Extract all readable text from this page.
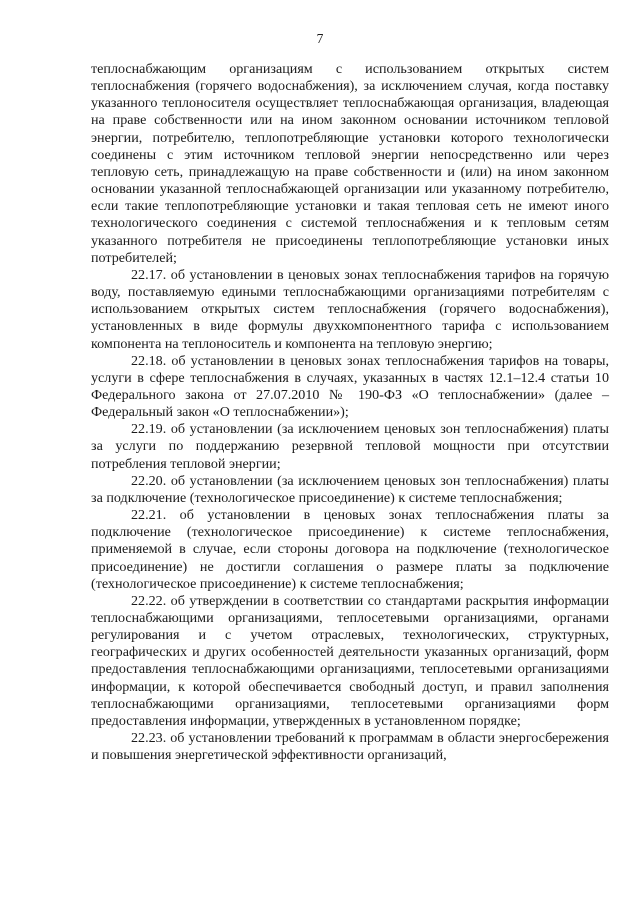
7

теплоснабжающим организациям с использованием открытых систем теплоснабжения (горячего водоснабжения), за исключением случая, когда поставку указанного теплоносителя осуществляет теплоснабжающая организация, владеющая на праве собственности или на ином законном основании источником тепловой энергии, потребителю, теплопотребляющие установки которого технологически соединены с этим источником тепловой энергии непосредственно или через тепловую сеть, принадлежащую на праве собственности и (или) на ином законном основании указанной теплоснабжающей организации или указанному потребителю, если такие теплопотребляющие установки и такая тепловая сеть не имеют иного технологического соединения с системой теплоснабжения и к тепловым сетям указанного потребителя не присоединены теплопотребляющие установки иных потребителей;

22.17. об установлении в ценовых зонах теплоснабжения тарифов на горячую воду, поставляемую едиными теплоснабжающими организациями потребителям с использованием открытых систем теплоснабжения (горячего водоснабжения), установленных в виде формулы двухкомпонентного тарифа с использованием компонента на теплоноситель и компонента на тепловую энергию;

22.18. об установлении в ценовых зонах теплоснабжения тарифов на товары, услуги в сфере теплоснабжения в случаях, указанных в частях 12.1–12.4 статьи 10 Федерального закона от 27.07.2010 № 190-ФЗ «О теплоснабжении» (далее – Федеральный закон «О теплоснабжении»);

22.19. об установлении (за исключением ценовых зон теплоснабжения) платы за услуги по поддержанию резервной тепловой мощности при отсутствии потребления тепловой энергии;

22.20. об установлении (за исключением ценовых зон теплоснабжения) платы за подключение (технологическое присоединение) к системе теплоснабжения;

22.21. об установлении в ценовых зонах теплоснабжения платы за подключение (технологическое присоединение) к системе теплоснабжения, применяемой в случае, если стороны договора на подключение (технологическое присоединение) не достигли соглашения о размере платы за подключение (технологическое присоединение) к системе теплоснабжения;

22.22. об утверждении в соответствии со стандартами раскрытия информации теплоснабжающими организациями, теплосетевыми организациями, органами регулирования и с учетом отраслевых, технологических, структурных, географических и других особенностей деятельности указанных организаций, форм предоставления теплоснабжающими организациями, теплосетевыми организациями информации, к которой обеспечивается свободный доступ, и правил заполнения теплоснабжающими организациями, теплосетевыми организациями форм предоставления информации, утвержденных в установленном порядке;

22.23. об установлении требований к программам в области энергосбережения и повышения энергетической эффективности организаций,
